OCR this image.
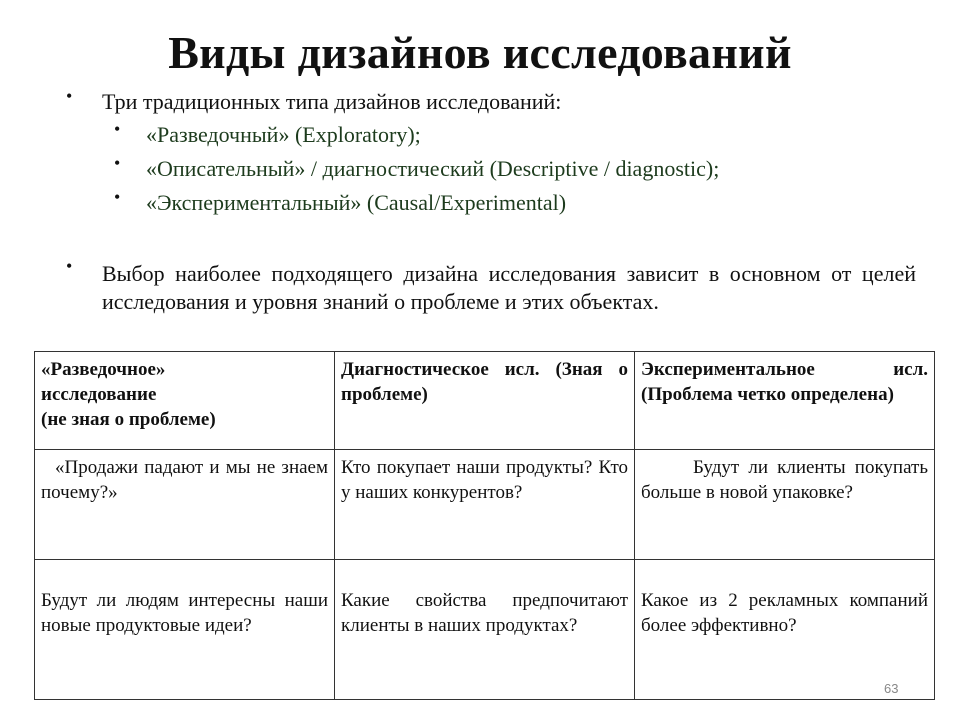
Виды дизайнов исследований
• Три традиционных типа дизайнов исследований:
• «Разведочный» (Exploratory);
• «Описательный» / диагностический (Descriptive / diagnostic);
• «Экспериментальный» (Causal/Experimental)
• Выбор наиболее подходящего дизайна исследования зависит в основном от целей исследования и уровня знаний о проблеме и этих объектах.
«Разведочное»
исследование
(не зная о проблеме)	Диагностическое исл. (Зная о проблеме)	Экспериментальное исл. (Проблема четко определена)

«Продажи падают и мы не знаем почему?»	Кто покупает наши продукты? Кто у наших конкурентов?	Будут ли клиенты покупать больше в новой упаковке?
Будут ли людям интересны наши новые продуктовые идеи?	Какие свойства предпочитают клиенты в наших продуктах?	Какое из 2 рекламных компаний более эффективно?
63
